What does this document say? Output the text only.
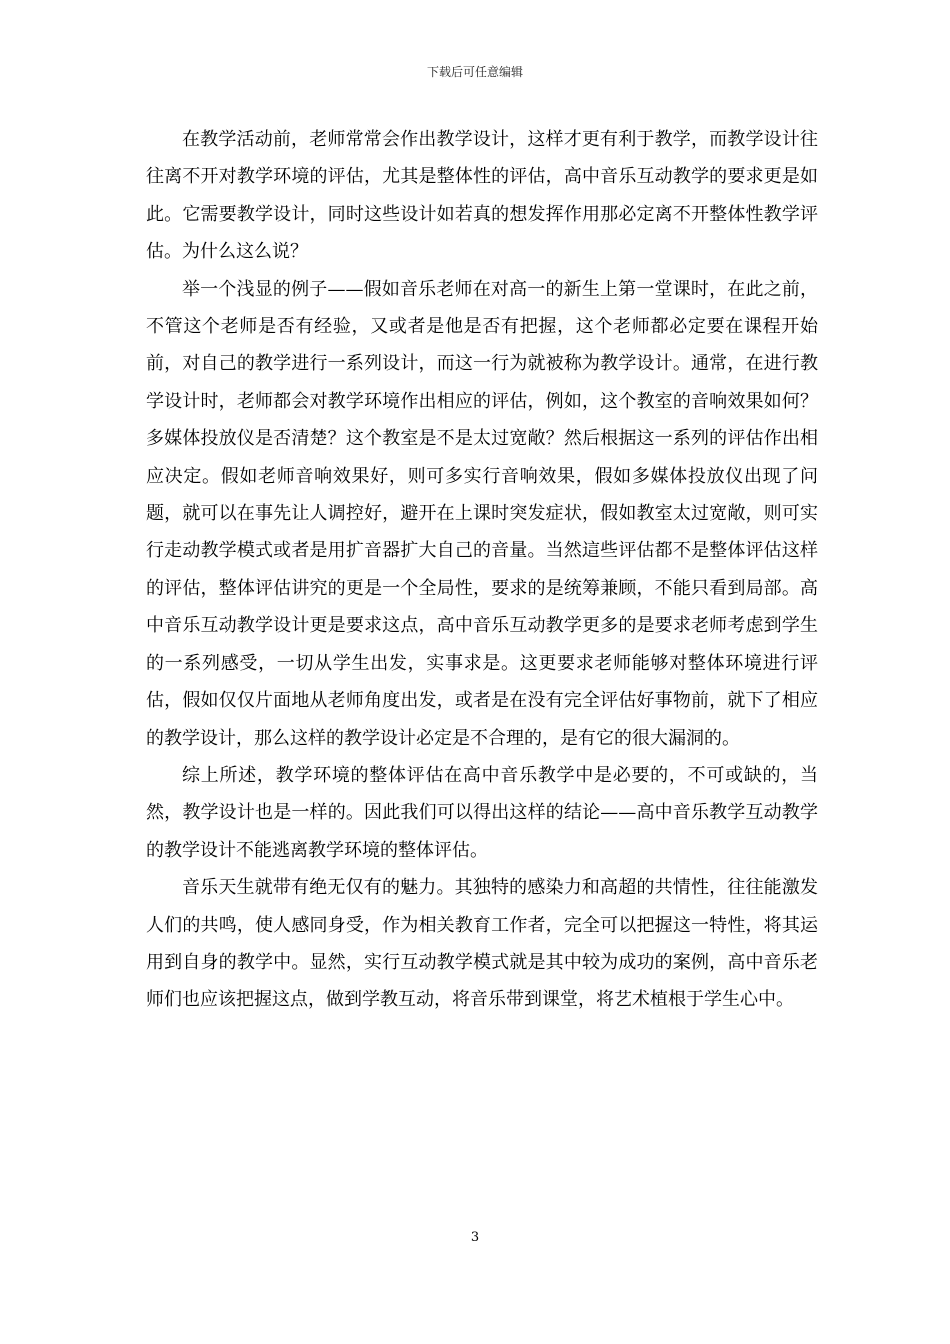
下载后可任意编辑

在教学活动前，老师常常会作出教学设计，这样才更有利于教学，而教学设计往往离不开对教学环境的评估，尤其是整体性的评估，高中音乐互动教学的要求更是如此。它需要教学设计，同时这些设计如若真的想发挥作用那必定离不开整体性教学评估。为什么这么说？

举一个浅显的例子——假如音乐老师在对高一的新生上第一堂课时，在此之前，不管这个老师是否有经验，又或者是他是否有把握，这个老师都必定要在课程开始前，对自己的教学进行一系列设计，而这一行为就被称为教学设计。通常，在进行教学设计时，老师都会对教学环境作出相应的评估，例如，这个教室的音响效果如何？多媒体投放仪是否清楚？这个教室是不是太过宽敞？然后根据这一系列的评估作出相应决定。假如老师音响效果好，则可多实行音响效果，假如多媒体投放仪出现了问题，就可以在事先让人调控好，避开在上课时突发症状，假如教室太过宽敞，则可实行走动教学模式或者是用扩音器扩大自己的音量。当然這些评估都不是整体评估这样的评估，整体评估讲究的更是一个全局性，要求的是统筹兼顾，不能只看到局部。高中音乐互动教学设计更是要求这点，高中音乐互动教学更多的是要求老师考虑到学生的一系列感受，一切从学生出发，实事求是。这更要求老师能够对整体环境进行评估，假如仅仅片面地从老师角度出发，或者是在没有完全评估好事物前，就下了相应的教学设计，那么这样的教学设计必定是不合理的，是有它的很大漏洞的。

综上所述，教学环境的整体评估在高中音乐教学中是必要的，不可或缺的，当然，教学设计也是一样的。因此我们可以得出这样的结论——高中音乐教学互动教学的教学设计不能逃离教学环境的整体评估。

音乐天生就带有绝无仅有的魅力。其独特的感染力和高超的共情性，往往能激发人们的共鸣，使人感同身受，作为相关教育工作者，完全可以把握这一特性，将其运用到自身的教学中。显然，实行互动教学模式就是其中较为成功的案例，高中音乐老师们也应该把握这点，做到学教互动，将音乐带到课堂，将艺术植根于学生心中。

3
